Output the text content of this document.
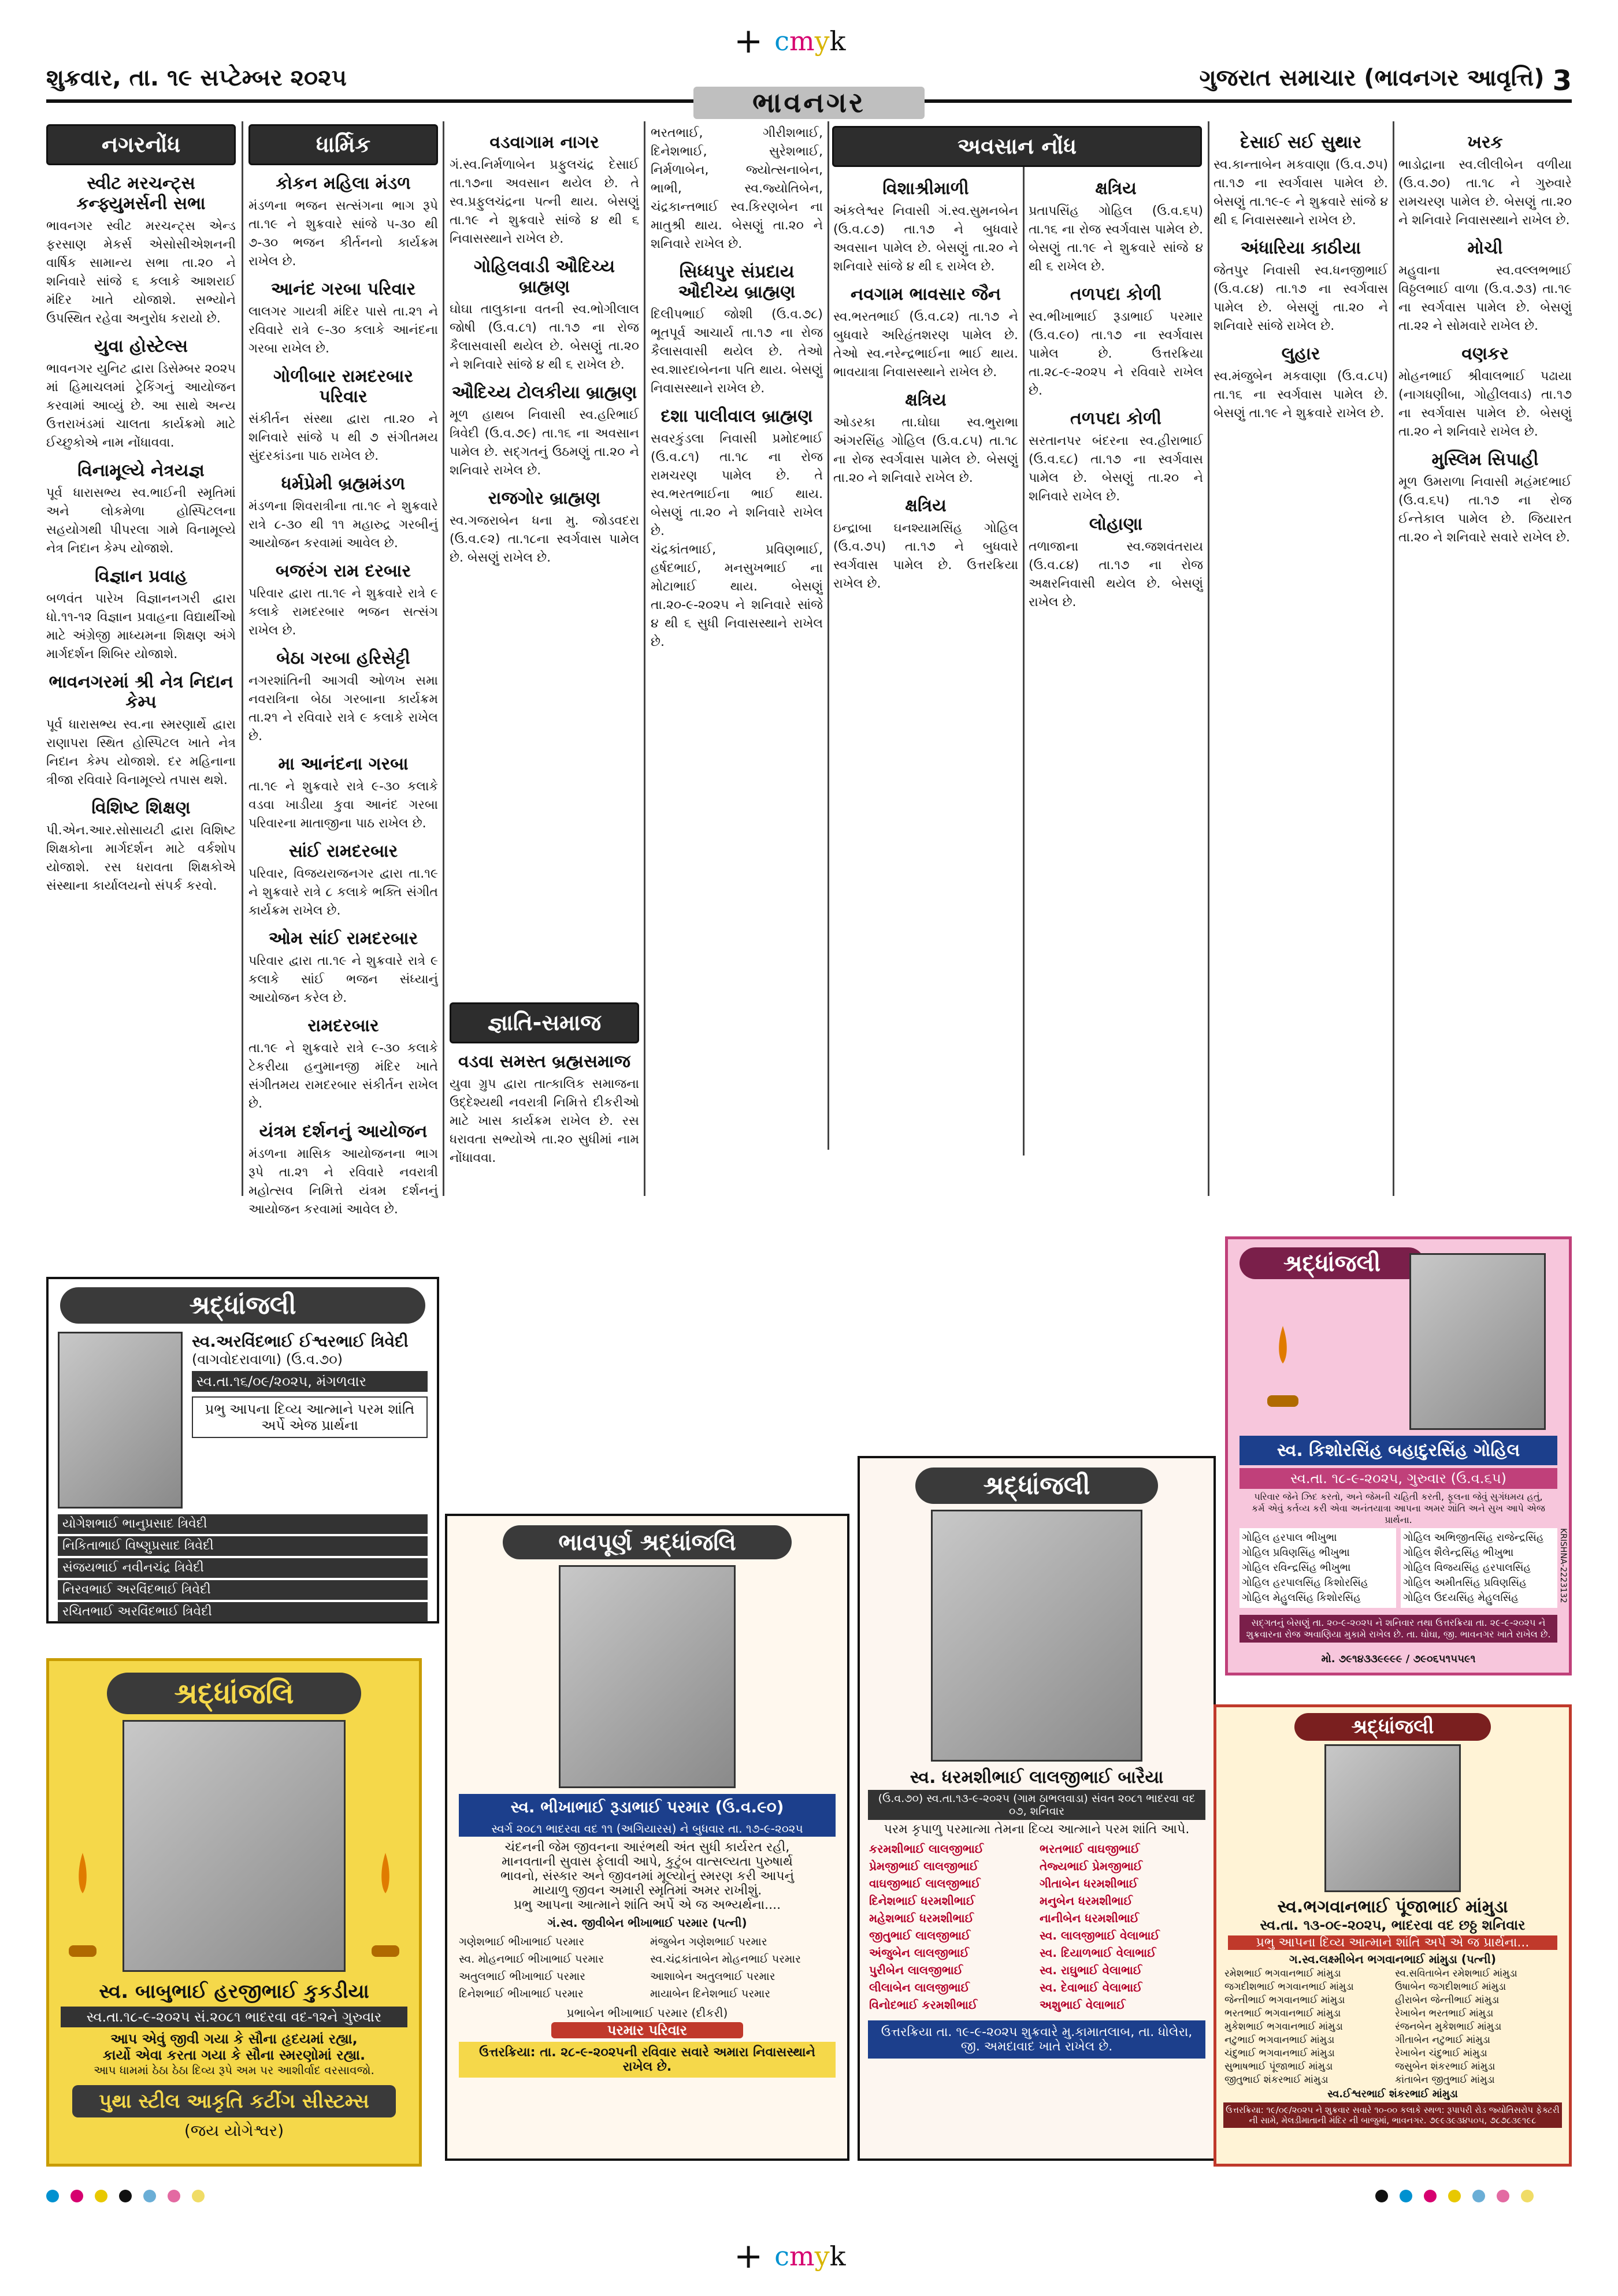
+ cmyk
શુક્રવાર, તા. ૧૯ સપ્ટેમ્બર ૨૦૨૫	ગુજરાત સમાચાર (ભાવનગર આવૃત્તિ) 3
ભાવનગર
નગરનોંધ
સ્વીટ મરચન્ટ્સ કન્ફ્યુમર્સની સભા

ભાવનગર સ્વીટ મરચન્ટ્સ એન્ડ ફરસાણ મેકર્સ એસોસીએશનની વાર્ષિક સામાન્ય સભા તા.૨૦ ને શનિવારે સાંજે ૬ કલાકે આશરાઈ મંદિર ખાતે યોજાશે. સભ્યોને ઉપસ્થિત રહેવા અનુરોધ કરાયો છે.

યુવા હોસ્ટેલ્સ

ભાવનગર યુનિટ દ્વારા ડિસેમ્બર ૨૦૨૫ માં હિમાચલમાં ટ્રેકિંગનું આયોજન કરવામાં આવ્યું છે. આ સાથે અન્ય ઉત્તરાખંડમાં ચાલતા કાર્યક્રમો માટે ઈચ્છુકોએ નામ નોંધાવવા.

વિનામૂલ્યે નેત્રયજ્ઞ

પૂર્વ ધારાસભ્ય સ્વ.ભાઈની સ્મૃતિમાં અને લોકમેળા હોસ્પિટલના સહયોગથી પીપરલા ગામે વિનામૂલ્યે નેત્ર નિદાન કેમ્પ યોજાશે.

વિજ્ઞાન પ્રવાહ

બળવંત પારેખ વિજ્ઞાનનગરી દ્વારા ધો.૧૧-૧૨ વિજ્ઞાન પ્રવાહના વિદ્યાર્થીઓ માટે અંગ્રેજી માધ્યમના શિક્ષણ અંગે માર્ગદર્શન શિબિર યોજાશે.

ભાવનગરમાં શ્રી નેત્ર નિદાન કેમ્પ

પૂર્વ ધારાસભ્ય સ્વ.ના સ્મરણાર્થે દ્વારા રાણાપરા સ્થિત હોસ્પિટલ ખાતે નેત્ર નિદાન કેમ્પ યોજાશે. દર મહિનાના ત્રીજા રવિવારે વિનામૂલ્યે તપાસ થશે.

વિશિષ્ટ શિક્ષણ

પી.એન.આર.સોસાયટી દ્વારા વિશિષ્ટ શિક્ષકોના માર્ગદર્શન માટે વર્કશોપ યોજાશે. રસ ધરાવતા શિક્ષકોએ સંસ્થાના કાર્યાલયનો સંપર્ક કરવો.

ધાર્મિક
કોકન મહિલા મંડળ

મંડળના ભજન સત્સંગના ભાગ રૂપે તા.૧૯ ને શુક્રવારે સાંજે ૫-૩૦ થી ૭-૩૦ ભજન કીર્તનનો કાર્યક્રમ રાખેલ છે.

આનંદ ગરબા પરિવાર

લાલગર ગાયત્રી મંદિર પાસે તા.૨૧ ને રવિવારે રાત્રે ૯-૩૦ કલાકે આનંદના ગરબા રાખેલ છે.

ગોળીબાર રામદરબાર પરિવાર

સંકીર્તન સંસ્થા દ્વારા તા.૨૦ ને શનિવારે સાંજે ૫ થી ૭ સંગીતમય સુંદરકાંડના પાઠ રાખેલ છે.

ધર્મપ્રેમી બ્રહ્મમંડળ

મંડળના શિવરાત્રીના તા.૧૯ ને શુક્રવારે રાત્રે ૮-૩૦ થી ૧૧ મહારુદ્ર ગરબીનું આયોજન કરવામાં આવેલ છે.

બજરંગ રામ દરબાર

પરિવાર દ્વારા તા.૧૯ ને શુક્રવારે રાત્રે ૯ કલાકે રામદરબાર ભજન સત્સંગ રાખેલ છે.

બેઠા ગરબા હરિસેટ્ટી

નગરશાંતિની આગવી ઓળખ સમા નવરાત્રિના બેઠા ગરબાના કાર્યક્રમ તા.૨૧ ને રવિવારે રાત્રે ૯ કલાકે રાખેલ છે.

મા આનંદના ગરબા

તા.૧૯ ને શુક્રવારે રાત્રે ૯-૩૦ કલાકે વડવા ખાડીયા કુવા આનંદ ગરબા પરિવારના માતાજીના પાઠ રાખેલ છે.

સાંઈ રામદરબાર

પરિવાર, વિજયરાજનગર દ્વારા તા.૧૯ ને શુક્રવારે રાત્રે ૮ કલાકે ભક્તિ સંગીત કાર્યક્રમ રાખેલ છે.

ઓમ સાંઈ રામદરબાર

પરિવાર દ્વારા તા.૧૯ ને શુક્રવારે રાત્રે ૯ કલાકે સાંઈ ભજન સંધ્યાનું આયોજન કરેલ છે.

રામદરબાર

તા.૧૯ ને શુક્રવારે રાત્રે ૯-૩૦ કલાકે ટેકરીયા હનુમાનજી મંદિર ખાતે સંગીતમય રામદરબાર સંકીર્તન રાખેલ છે.

યંત્રમ દર્શનનું આયોજન

મંડળના માસિક આયોજનના ભાગ રૂપે તા.૨૧ ને રવિવારે નવરાત્રી મહોત્સવ નિમિત્તે યંત્રમ દર્શનનું આયોજન કરવામાં આવેલ છે.

વડવાગામ નાગર

ગં.સ્વ.નિર્મળાબેન પ્રફુલચંદ્ર દેસાઈ તા.૧૭ના અવસાન થયેલ છે. તે સ્વ.પ્રફુલચંદ્રના પત્ની થાય. બેસણું તા.૧૯ ને શુક્રવારે સાંજે ૪ થી ૬ નિવાસસ્થાને રાખેલ છે.

ગોહિલવાડી ઔદિચ્ય બ્રાહ્મણ

ઘોઘા તાલુકાના વતની સ્વ.ભોગીલાલ જોષી (ઉ.વ.૮૧) તા.૧૭ ના રોજ કૈલાસવાસી થયેલ છે. બેસણું તા.૨૦ ને શનિવારે સાંજે ૪ થી ૬ રાખેલ છે.

ઔદિચ્ય ટોલકીયા બ્રાહ્મણ

મૂળ હાથબ નિવાસી સ્વ.હરિભાઈ ત્રિવેદી (ઉ.વ.૭૯) તા.૧૬ ના અવસાન પામેલ છે. સદ્ગતનું ઉઠમણું તા.૨૦ ને શનિવારે રાખેલ છે.

રાજગોર બ્રાહ્મણ

સ્વ.ગજરાબેન ધના મુ. જોડવદરા (ઉ.વ.૯૨) તા.૧૮ના સ્વર્ગવાસ પામેલ છે. બેસણું રાખેલ છે.

જ્ઞાતિ-સમાજ
વડવા સમસ્ત બ્રહ્મસમાજ

યુવા ગ્રુપ દ્વારા તાત્કાલિક સમાજના ઉદ્દેશ્યથી નવરાત્રી નિમિત્તે દીકરીઓ માટે ખાસ કાર્યક્રમ રાખેલ છે. રસ ધરાવતા સભ્યોએ તા.૨૦ સુધીમાં નામ નોંધાવવા.

ભરતભાઈ, ગીરીશભાઈ, દિનેશભાઈ, સુરેશભાઈ, નિર્મળાબેન, જ્યોત્સનાબેન, ભાભી, સ્વ.જ્યોતિબેન, ચંદ્રકાન્તભાઈ સ્વ.કિરણબેન ના માતુશ્રી થાય. બેસણું તા.૨૦ ને શનિવારે રાખેલ છે.

સિધ્ધપુર સંપ્રદાય ઔદીચ્ય બ્રાહ્મણ

દિલીપભાઈ જોશી (ઉ.વ.૭૮) ભૂતપૂર્વ આચાર્ય તા.૧૭ ના રોજ કૈલાસવાસી થયેલ છે. તેઓ સ્વ.શારદાબેનના પતિ થાય. બેસણું નિવાસસ્થાને રાખેલ છે.

દશા પાલીવાલ બ્રાહ્મણ

સવરકુંડલા નિવાસી પ્રમોદભાઈ (ઉ.વ.૮૧) તા.૧૮ ના રોજ રામચરણ પામેલ છે. તે સ્વ.ભરતભાઈના ભાઈ થાય. બેસણું તા.૨૦ ને શનિવારે રાખેલ છે.

ચંદ્રકાંતભાઈ, પ્રવિણભાઈ, હર્ષદભાઈ, મનસુખભાઈ ના મોટાભાઈ થાય. બેસણું તા.૨૦-૯-૨૦૨૫ ને શનિવારે સાંજે ૪ થી ૬ સુધી નિવાસસ્થાને રાખેલ છે.

અવસાન નોંધ
વિશાશ્રીમાળી

અંકલેશ્વર નિવાસી ગં.સ્વ.સુમનબેન (ઉ.વ.૮૭) તા.૧૭ ને બુધવારે અવસાન પામેલ છે. બેસણું તા.૨૦ ને શનિવારે સાંજે ૪ થી ૬ રાખેલ છે.

નવગામ ભાવસાર જૈન

સ્વ.ભરતભાઈ (ઉ.વ.૮૨) તા.૧૭ ને બુધવારે અરિહંતશરણ પામેલ છે. તેઓ સ્વ.નરેન્દ્રભાઈના ભાઈ થાય. ભાવયાત્રા નિવાસસ્થાને રાખેલ છે.

ક્ષત્રિય

ઓડરકા તા.ઘોઘા સ્વ.ભુરાભા અંગરસિંહ ગોહિલ (ઉ.વ.૮૫) તા.૧૮ ના રોજ સ્વર્ગવાસ પામેલ છે. બેસણું તા.૨૦ ને શનિવારે રાખેલ છે.

ક્ષત્રિય

ઇન્દ્રાબા ઘનશ્યામસિંહ ગોહિલ (ઉ.વ.૭૫) તા.૧૭ ને બુધવારે સ્વર્ગવાસ પામેલ છે. ઉત્તરક્રિયા રાખેલ છે.

ક્ષત્રિય

પ્રતાપસિંહ ગોહિલ (ઉ.વ.૬૫) તા.૧૬ ના રોજ સ્વર્ગવાસ પામેલ છે. બેસણું તા.૧૯ ને શુક્રવારે સાંજે ૪ થી ૬ રાખેલ છે.

તળપદા કોળી

સ્વ.ભીખાભાઈ રૂડાભાઈ પરમાર (ઉ.વ.૯૦) તા.૧૭ ના સ્વર્ગવાસ પામેલ છે. ઉત્તરક્રિયા તા.૨૮-૯-૨૦૨૫ ને રવિવારે રાખેલ છે.

તળપદા કોળી

સરતાનપર બંદરના સ્વ.હીરાભાઈ (ઉ.વ.૬૮) તા.૧૭ ના સ્વર્ગવાસ પામેલ છે. બેસણું તા.૨૦ ને શનિવારે રાખેલ છે.

લોહાણા

તળાજાના સ્વ.જશવંતરાય (ઉ.વ.૮૪) તા.૧૭ ના રોજ અક્ષરનિવાસી થયેલ છે. બેસણું રાખેલ છે.

દેસાઈ સઈ સુથાર

સ્વ.કાન્તાબેન મકવાણા (ઉ.વ.૭૫) તા.૧૭ ના સ્વર્ગવાસ પામેલ છે. બેસણું તા.૧૯-૯ ને શુક્રવારે સાંજે ૪ થી ૬ નિવાસસ્થાને રાખેલ છે.

અંધારિયા કાઠીયા

જેતપુર નિવાસી સ્વ.ધનજીભાઈ (ઉ.વ.૮૪) તા.૧૭ ના સ્વર્ગવાસ પામેલ છે. બેસણું તા.૨૦ ને શનિવારે સાંજે રાખેલ છે.

લુહાર

સ્વ.મંજુબેન મકવાણા (ઉ.વ.૮૫) તા.૧૬ ના સ્વર્ગવાસ પામેલ છે. બેસણું તા.૧૯ ને શુક્રવારે રાખેલ છે.

ખરક

ભાડોદ્રાના સ્વ.લીલીબેન વળીયા (ઉ.વ.૭૦) તા.૧૮ ને ગુરુવારે રામચરણ પામેલ છે. બેસણું તા.૨૦ ને શનિવારે નિવાસસ્થાને રાખેલ છે.

મોચી

મહુવાના સ્વ.વલ્લભભાઈ વિઠ્ઠલભાઈ વાળા (ઉ.વ.૭૩) તા.૧૯ ના સ્વર્ગવાસ પામેલ છે. બેસણું તા.૨૨ ને સોમવારે રાખેલ છે.

વણકર

મોહનભાઈ શ્રીવાલભાઈ પઢાયા (નાગધણીબા, ગોહીલવાડ) તા.૧૭ ના સ્વર્ગવાસ પામેલ છે. બેસણું તા.૨૦ ને શનિવારે રાખેલ છે.

મુસ્લિમ સિપાહી

મૂળ ઉમરાળા નિવાસી મહંમદભાઈ (ઉ.વ.૬૫) તા.૧૭ ના રોજ ઈન્તેકાલ પામેલ છે. જિયારત તા.૨૦ ને શનિવારે સવારે રાખેલ છે.

શ્રદ્ધાંજલી
સ્વ.અરવિંદભાઈ ઈશ્વરભાઈ ત્રિવેદી
(વાગવોદરાવાળા) (ઉ.વ.૭૦)
સ્વ.તા.૧૬/૦૯/૨૦૨૫, મંગળવાર
પ્રભુ આપના દિવ્ય આત્માને પરમ શાંતિ અર્પે એજ પ્રાર્થના
યોગેશભાઈ ભાનુપ્રસાદ ત્રિવેદી
નિકિતાભાઈ વિષ્ણુપ્રસાદ ત્રિવેદી
સંજયભાઈ નવીનચંદ્ર ત્રિવેદી
નિરવભાઈ અરવિંદભાઈ ત્રિવેદી
રચિતભાઈ અરવિંદભાઈ ત્રિવેદી
શ્રદ્ધાંજલિ
સ્વ. બાબુભાઈ હરજીભાઈ કુકડીયા
સ્વ.તા.૧૮-૯-૨૦૨૫ સં.૨૦૮૧ ભાદરવા વદ-૧૨ને ગુરુવાર
આપ એવું જીવી ગયા કે સૌના હૃદયમાં રહ્યા,
કાર્યો એવા કરતા ગયા કે સૌના સ્મરણોમાં રહ્યા.
આપ ધામમાં ઠેઠા ઠેઠા દિવ્ય રૂપે અમ પર આશીર્વાદ વરસાવજો.
પુથા સ્ટીલ આકૃતિ કટીંગ સીસ્ટમ્સ
(જય યોગેશ્વર)
ભાવપૂર્ણ શ્રદ્ધાંજલિ
સ્વ. ભીખાભાઈ રૂડાભાઈ પરમાર (ઉ.વ.૯૦)
સ્વર્ગ ૨૦૮૧ ભાદરવા વદ ૧૧ (અગિયારસ) ને બુધવાર તા. ૧૭-૯-૨૦૨૫
ચંદનની જેમ જીવનના આરંભથી અંત સુધી કાર્યરત રહી,
માનવતાની સુવાસ ફેલાવી આપે, કુટુંબ વાત્સલ્યતા પુરુષાર્થ
ભાવનો, સંસ્કાર અને જીવનમાં મૂલ્યોનું સ્મરણ કરી આપનું
માયાળુ જીવન અમારી સ્મૃતિમાં અમર રાખીશું.
પ્રભુ આપના આત્માને શાંતિ અર્પે એ જ અભ્યર્થના....
ગં.સ્વ. જીવીબેન ભીખાભાઈ પરમાર (પત્ની)
ગણેશભાઈ ભીખાભાઈ પરમાર
સ્વ. મોહનભાઈ ભીખાભાઈ પરમાર
અતુલભાઈ ભીખાભાઈ પરમાર
દિનેશભાઈ ભીખાભાઈ પરમાર
મંજુબેન ગણેશભાઈ પરમાર
સ્વ.ચંદ્રકાંતાબેન મોહનભાઈ પરમાર
આશાબેન અતુલભાઈ પરમાર
માયાબેન દિનેશભાઈ પરમાર
પ્રભાબેન ભીખાભાઈ પરમાર (દીકરી)
પરમાર પરિવાર
ઉત્તરક્રિયા: તા. ૨૮-૯-૨૦૨૫ની રવિવાર સવારે અમારા નિવાસસ્થાને રાખેલ છે.
શ્રદ્ધાંજલી
સ્વ. ધરમશીભાઈ લાલજીભાઈ બારૈયા
(ઉ.વ.૭૦) સ્વ.તા.૧૩-૯-૨૦૨૫ (ગામ ઠાભલવાડા) સંવત ૨૦૮૧ ભાદરવા વદ ૦૭, શનિવાર
પરમ કૃપાળુ પરમાત્મા તેમના દિવ્ય આત્માને પરમ શાંતિ આપે.
કરમશીભાઈ લાલજીભાઈ
પ્રેમજીભાઈ લાલજીભાઈ
વાઘજીભાઈ લાલજીભાઈ
દિનેશભાઈ ધરમશીભાઈ
મહેશભાઈ ધરમશીભાઈ
જીતુભાઈ લાલજીભાઈ
અંજુબેન લાલજીભાઈ
પુરીબેન લાલજીભાઈ
લીલાબેન લાલજીભાઈ
વિનોદભાઈ કરમશીભાઈ
ભરતભાઈ વાઘજીભાઈ
તેજ્યભાઈ પ્રેમજીભાઈ
ગીતાબેન ધરમશીભાઈ
મનુબેન ધરમશીભાઈ
નાનીબેન ધરમશીભાઈ
સ્વ. લાલજીભાઈ વેલાભાઈ
સ્વ. દિયાળભાઈ વેલાભાઈ
સ્વ. રાઘુભાઈ વેલાભાઈ
સ્વ. દેવાભાઈ વેલાભાઈ
અશુભાઈ વેલાભાઈ
ઉત્તરક્રિયા તા. ૧૯-૯-૨૦૨૫ શુક્રવારે મુ.કામાતલાબ, તા. ધોલેરા, જી. અમદાવાદ ખાતે રાખેલ છે.
શ્રદ્ધાંજલી
સ્વ. કિશોરસિંહ બહાદુરસિંહ ગોહિલ
સ્વ.તા. ૧૮-૯-૨૦૨૫, ગુરુવાર (ઉ.વ.૬૫)
પરિવાર જેને ઝિદ કરતો, અને જેમની ચહિતી કરતી, ફૂલના જેવું સુગંધમય હતું,
કર્મ એવું કર્તવ્ય કરી એવા અનંતયાત્રા આપના અમર શાંતિ અને સુખ આપે એજ પ્રાર્થના.
ગોહિલ હરપાલ ભીખુભા
ગોહિલ પ્રવિણસિંહ ભીખુભા
ગોહિલ રવિન્દ્રસિંહ ભીખુભા
ગોહિલ હરપાલસિંહ કિશોરસિંહ
ગોહિલ મેહુલસિંહ કિશોરસિંહ
ગોહિલ અભિજીતસિંહ રાજેન્દ્રસિંહ
ગોહિલ શૈલેન્દ્રસિંહ ભીખુભા
ગોહિલ વિજયસિંહ હરપાલસિંહ
ગોહિલ અમીતસિંહ પ્રવિણસિંહ
ગોહિલ ઉદયસિંહ મેહુલસિંહ
સદ્ગતનું બેસણું તા. ૨૦-૯-૨૦૨૫ ને શનિવાર તથા ઉત્તરક્રિયા તા. ૨૯-૯-૨૦૨૫ ને શુક્રવારના રોજ અવાણિયા મુકામે રાખેલ છે. તા. ઘોઘા, જી. ભાવનગર ખાતે રાખેલ છે.
મો. ૭૯૧૪૩૩૯૯૯૯ / ૭૯૦૬૫૧૫૫૯૧
KRISHNA-2223132
શ્રદ્ધાંજલી
સ્વ.ભગવાનભાઈ પૂંજાભાઈ માંમુડા
સ્વ.તા. ૧૩-૦૯-૨૦૨૫, ભાદરવા વદ છઠ્ઠ શનિવાર
પ્રભુ આપના દિવ્ય આત્માને શાંતિ અર્પે એ જ પ્રાર્થના...
ગ.સ્વ.લક્ષ્મીબેન ભગવાનભાઈ માંમુડા (પત્ની)
રમેશભાઈ ભગવાનભાઈ માંમુડા
જગદીશભાઈ ભગવાનભાઈ માંમુડા
જેન્તીભાઈ ભગવાનભાઈ માંમુડા
ભરતભાઈ ભગવાનભાઈ માંમુડા
મુકેશભાઈ ભગવાનભાઈ માંમુડા
નટુભાઈ ભગવાનભાઈ માંમુડા
ચંદુભાઈ ભગવાનભાઈ માંમુડા
સુભાષભાઈ પૂંજાભાઈ માંમુડા
જીતુભાઈ શંકરભાઈ માંમુડા
સ્વ.સવિતાબેન રમેશભાઈ માંમુડા
ઉષાબેન જગદીશભાઈ માંમુડા
હીરાબેન જેન્તીભાઈ માંમુડા
રેખાબેન ભરતભાઈ માંમુડા
રંજનબેન મુકેશભાઈ માંમુડા
ગીતાબેન નટુભાઈ માંમુડા
રેખાબેન ચંદુભાઈ માંમુડા
જસુબેન શંકરભાઈ માંમુડા
કાંતાબેન જીતુભાઈ માંમુડા
સ્વ.ઈશ્વરભાઈ શંકરભાઈ માંમુડા
ઉત્તરક્રિયા: ૧૯/૦૯/૨૦૨૫ ને શુક્રવાર સવારે ૧૦-૦૦ કલાકે સ્થળ: રૂપાપરી રોડ જ્યોતિસરોપ ફેક્ટરી ની સામે, મેલડીમાતાની મંદિર ની બાજુમાં, ભાવનગર. ૭૯૯૩૯૩૪૫૦૫, ૭૮૭૮૩૯૧૯૮
+ cmyk
